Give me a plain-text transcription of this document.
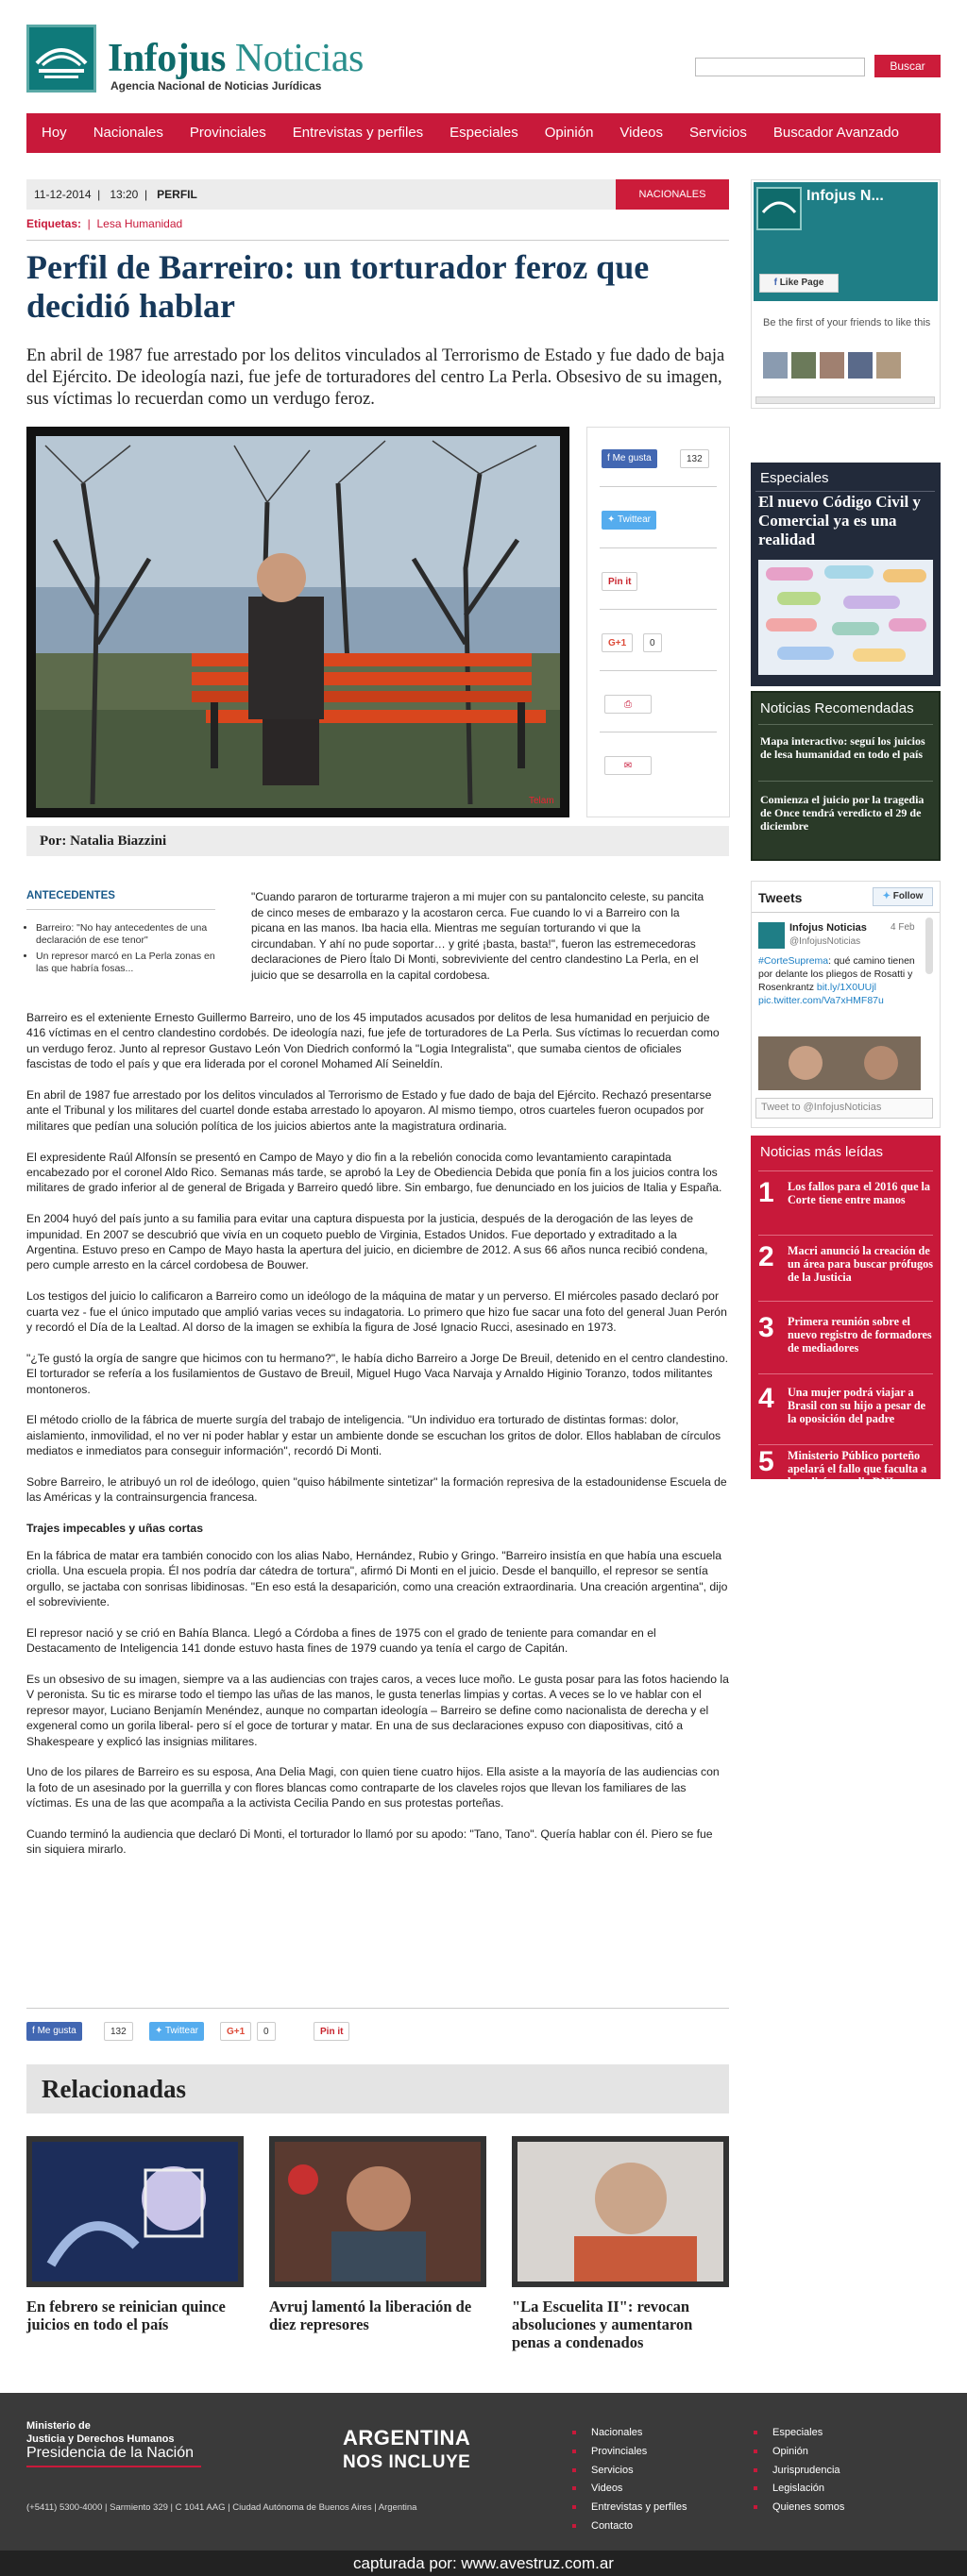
Infojus Noticias
Agencia Nacional de Noticias Jurídicas
Buscar
Hoy	Nacionales	Provinciales	Entrevistas y perfiles	Especiales	Opinión	Videos	Servicios	Buscador Avanzado
11-12-2014  |   13:20  |   PERFIL	NACIONALES
Etiquetas:  |  Lesa Humanidad
Perfil de Barreiro: un torturador feroz que decidió hablar
En abril de 1987 fue arrestado por los delitos vinculados al Terrorismo de Estado y fue dado de baja del Ejército. De ideología nazi, fue jefe de torturadores del centro La Perla. Obsesivo de su imagen, sus víctimas lo recuerdan como un verdugo feroz.
Telam
f Me gusta	132
✦ Twittear
Pin it
G+1	0
⎙
✉
Por: Natalia Biazzini
ANTECEDENTES
• Barreiro: "No hay antecedentes de una declaración de ese tenor"
• Un represor marcó en La Perla zonas en las que habría fosas...
"Cuando pararon de torturarme trajeron a mi mujer con su pantaloncito celeste, su pancita de cinco meses de embarazo y la acostaron cerca. Fue cuando lo vi a Barreiro con la picana en las manos. Iba hacia ella. Mientras me seguían torturando vi que la circundaban. Y ahí no pude soportar… y grité ¡basta, basta!", fueron las estremecedoras declaraciones de Piero Ítalo Di Monti, sobreviviente del centro clandestino La Perla, en el juicio que se desarrolla en la capital cordobesa.

Barreiro es el exteniente Ernesto Guillermo Barreiro, uno de los 45 imputados acusados por delitos de lesa humanidad en perjuicio de 416 víctimas en el centro clandestino cordobés. De ideología nazi, fue jefe de torturadores de La Perla. Sus víctimas lo recuerdan como un verdugo feroz. Junto al represor Gustavo León Von Diedrich conformó la "Logia Integralista", que sumaba cientos de oficiales fascistas de todo el país y que era liderada por el coronel Mohamed Alí Seineldín.

En abril de 1987 fue arrestado por los delitos vinculados al Terrorismo de Estado y fue dado de baja del Ejército. Rechazó presentarse ante el Tribunal y los militares del cuartel donde estaba arrestado lo apoyaron. Al mismo tiempo, otros cuarteles fueron ocupados por militares que pedían una solución política de los juicios abiertos ante la magistratura ordinaria.

El expresidente Raúl Alfonsín se presentó en Campo de Mayo y dio fin a la rebelión conocida como levantamiento carapintada encabezado por el coronel Aldo Rico. Semanas más tarde, se aprobó la Ley de Obediencia Debida que ponía fin a los juicios contra los militares de grado inferior al de general de Brigada y Barreiro quedó libre. Sin embargo, fue denunciado en los juicios de Italia y España.

En 2004 huyó del país junto a su familia para evitar una captura dispuesta por la justicia, después de la derogación de las leyes de impunidad. En 2007 se descubrió que vivía en un coqueto pueblo de Virginia, Estados Unidos. Fue deportado y extraditado a la Argentina. Estuvo preso en Campo de Mayo hasta la apertura del juicio, en diciembre de 2012. A sus 66 años nunca recibió condena, pero cumple arresto en la cárcel cordobesa de Bouwer.

Los testigos del juicio lo calificaron a Barreiro como un ideólogo de la máquina de matar y un perverso. El miércoles pasado declaró por cuarta vez - fue el único imputado que amplió varias veces su indagatoria. Lo primero que hizo fue sacar una foto del general Juan Perón y recordó el Día de la Lealtad. Al dorso de la imagen se exhibía la figura de José Ignacio Rucci, asesinado en 1973.

"¿Te gustó la orgía de sangre que hicimos con tu hermano?", le había dicho Barreiro a Jorge De Breuil, detenido en el centro clandestino. El torturador se refería a los fusilamientos de Gustavo de Breuil, Miguel Hugo Vaca Narvaja y Arnaldo Higinio Toranzo, todos militantes montoneros.

El método criollo de la fábrica de muerte surgía del trabajo de inteligencia. "Un individuo era torturado de distintas formas: dolor, aislamiento, inmovilidad, el no ver ni poder hablar y estar un ambiente donde se escuchan los gritos de dolor. Ellos hablaban de círculos mediatos e inmediatos para conseguir información", recordó Di Monti.

Sobre Barreiro, le atribuyó un rol de ideólogo, quien "quiso hábilmente sintetizar" la formación represiva de la estadounidense Escuela de las Américas y la contrainsurgencia francesa.

Trajes impecables y uñas cortas

En la fábrica de matar era también conocido con los alias Nabo, Hernández, Rubio y Gringo. "Barreiro insistía en que había una escuela criolla. Una escuela propia. Él nos podría dar cátedra de tortura", afirmó Di Monti en el juicio. Desde el banquillo, el represor se sentía orgullo, se jactaba con sonrisas libidinosas. "En eso está la desaparición, como una creación extraordinaria. Una creación argentina", dijo el sobreviviente.

El represor nació y se crió en Bahía Blanca. Llegó a Córdoba a fines de 1975 con el grado de teniente para comandar en el Destacamento de Inteligencia 141 donde estuvo hasta fines de 1979 cuando ya tenía el cargo de Capitán.

Es un obsesivo de su imagen, siempre va a las audiencias con trajes caros, a veces luce moño. Le gusta posar para las fotos haciendo la V peronista. Su tic es mirarse todo el tiempo las uñas de las manos, le gusta tenerlas limpias y cortas. A veces se lo ve hablar con el represor mayor, Luciano Benjamín Menéndez, aunque no compartan ideología – Barreiro se define como nacionalista de derecha y el exgeneral como un gorila liberal- pero sí el goce de torturar y matar. En una de sus declaraciones expuso con diapositivas, citó a Shakespeare y explicó las insignias militares.

Uno de los pilares de Barreiro es su esposa, Ana Delia Magi, con quien tiene cuatro hijos. Ella asiste a la mayoría de las audiencias con la foto de un asesinado por la guerrilla y con flores blancas como contraparte de los claveles rojos que llevan los familiares de las víctimas. Es una de las que acompaña a la activista Cecilia Pando en sus protestas porteñas.

Cuando terminó la audiencia que declaró Di Monti, el torturador lo llamó por su apodo: "Tano, Tano". Quería hablar con él. Piero se fue sin siquiera mirarlo.

f Me gusta	132	✦ Twittear	G+1	0	Pin it
Relacionadas
En febrero se reinician quince juicios en todo el país
Avruj lamentó la liberación de diez represores
"La Escuelita II": revocan absoluciones y aumentaron penas a condenados
Infojus N...
f Like Page
Be the first of your friends to like this
Especiales
El nuevo Código Civil y Comercial ya es una realidad
Noticias Recomendadas
Mapa interactivo: seguí los juicios de lesa humanidad en todo el país
Comienza el juicio por la tragedia de Once tendrá veredicto el 29 de diciembre
Tweets	✦ Follow
Infojus Noticias
@InfojusNoticias
4 Feb
#CorteSuprema: qué camino tienen por delante los pliegos de Rosatti y Rosenkrantz bit.ly/1X0UUjl pic.twitter.com/Va7xHMF87u
Tweet to @InfojusNoticias
Noticias más leídas
1 Los fallos para el 2016 que la Corte tiene entre manos
2 Macri anunció la creación de un área para buscar prófugos de la Justicia
3 Primera reunión sobre el nuevo registro de formadores de mediadores
4 Una mujer podrá viajar a Brasil con su hijo a pesar de la oposición del padre
5 Ministerio Público porteño apelará el fallo que faculta a la policía a pedir DNI
Ministerio de
Justicia y Derechos Humanos
Presidencia de la Nación
(+5411) 5300-4000 | Sarmiento 329 | C 1041 AAG | Ciudad Autónoma de Buenos Aires | Argentina
ARGENTINA
NOS INCLUYE
Nacionales
Provinciales
Servicios
Videos
Entrevistas y perfiles
Contacto
Especiales
Opinión
Jurisprudencia
Legislación
Quienes somos
capturada por: www.avestruz.com.ar
